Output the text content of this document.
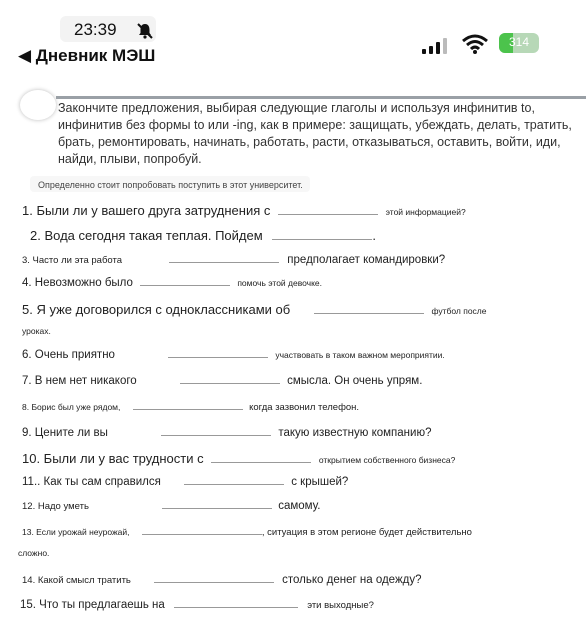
23:39
◀ Дневник МЭШ
314
Закончите предложения, выбирая следующие глаголы и используя инфинитив to, инфинитив без формы to или -ing, как в примере: защищать, убеждать, делать, тратить, брать, ремонтировать, начинать, работать, расти, отказываться, оставить, войти, иди, найди, плыви, попробуй.
Определенно стоит попробовать поступить в этот университет.
1. Были ли у вашего друга затруднения с	этой информацией?
2. Вода сегодня такая теплая. Пойдем	.
3. Часто ли эта работа	предполагает командировки?
4. Невозможно было	помочь этой девочке.
5. Я уже договорился с одноклассниками об	футбол после
уроках.
6. Очень приятно	участвовать в таком важном мероприятии.
7. В нем нет никакого	смысла. Он очень упрям.
8. Борис был уже рядом,	когда зазвонил телефон.
9. Цените ли вы	такую известную компанию?
10. Были ли у вас трудности с	открытием собственного бизнеса?
11.. Как ты сам справился	с крышей?
12. Надо уметь	самому.
13. Если урожай неурожай,	, ситуация в этом регионе будет действительно
сложно.
14. Какой смысл тратить	столько денег на одежду?
15. Что ты предлагаешь на	эти выходные?
